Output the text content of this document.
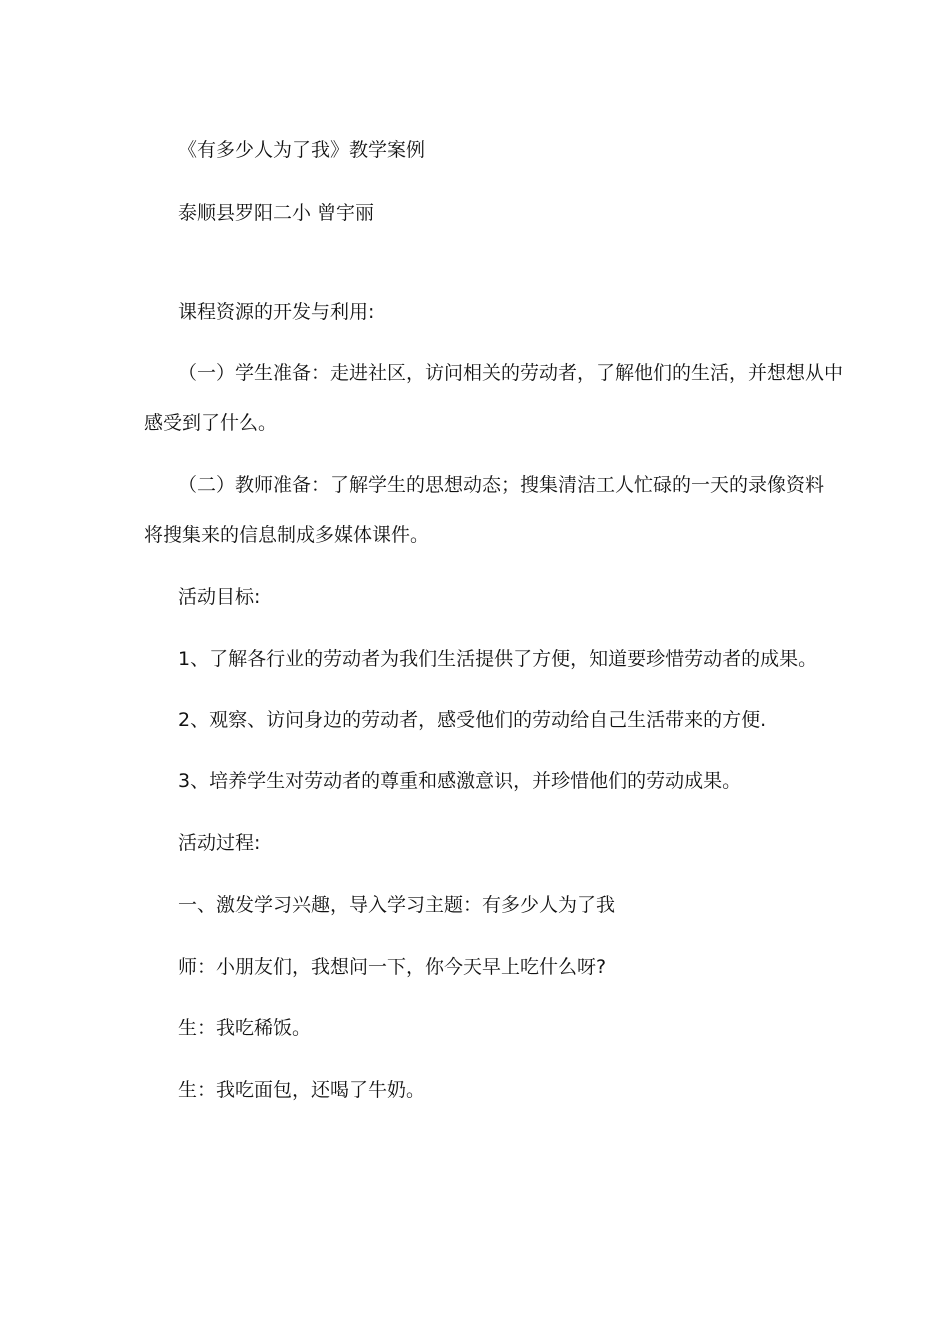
《有多少人为了我》教学案例
泰顺县罗阳二小 曾宇丽
课程资源的开发与利用:
（一）学生准备：走进社区，访问相关的劳动者，了解他们的生活，并想想从中
感受到了什么。
（二）教师准备：了解学生的思想动态；搜集清洁工人忙碌的一天的录像资料
将搜集来的信息制成多媒体课件。
活动目标:
1、了解各行业的劳动者为我们生活提供了方便，知道要珍惜劳动者的成果。
2、观察、访问身边的劳动者，感受他们的劳动给自己生活带来的方便.
3、培养学生对劳动者的尊重和感激意识，并珍惜他们的劳动成果。
活动过程:
一、激发学习兴趣，导入学习主题：有多少人为了我
师：小朋友们，我想问一下，你今天早上吃什么呀?
生：我吃稀饭。
生：我吃面包，还喝了牛奶。
